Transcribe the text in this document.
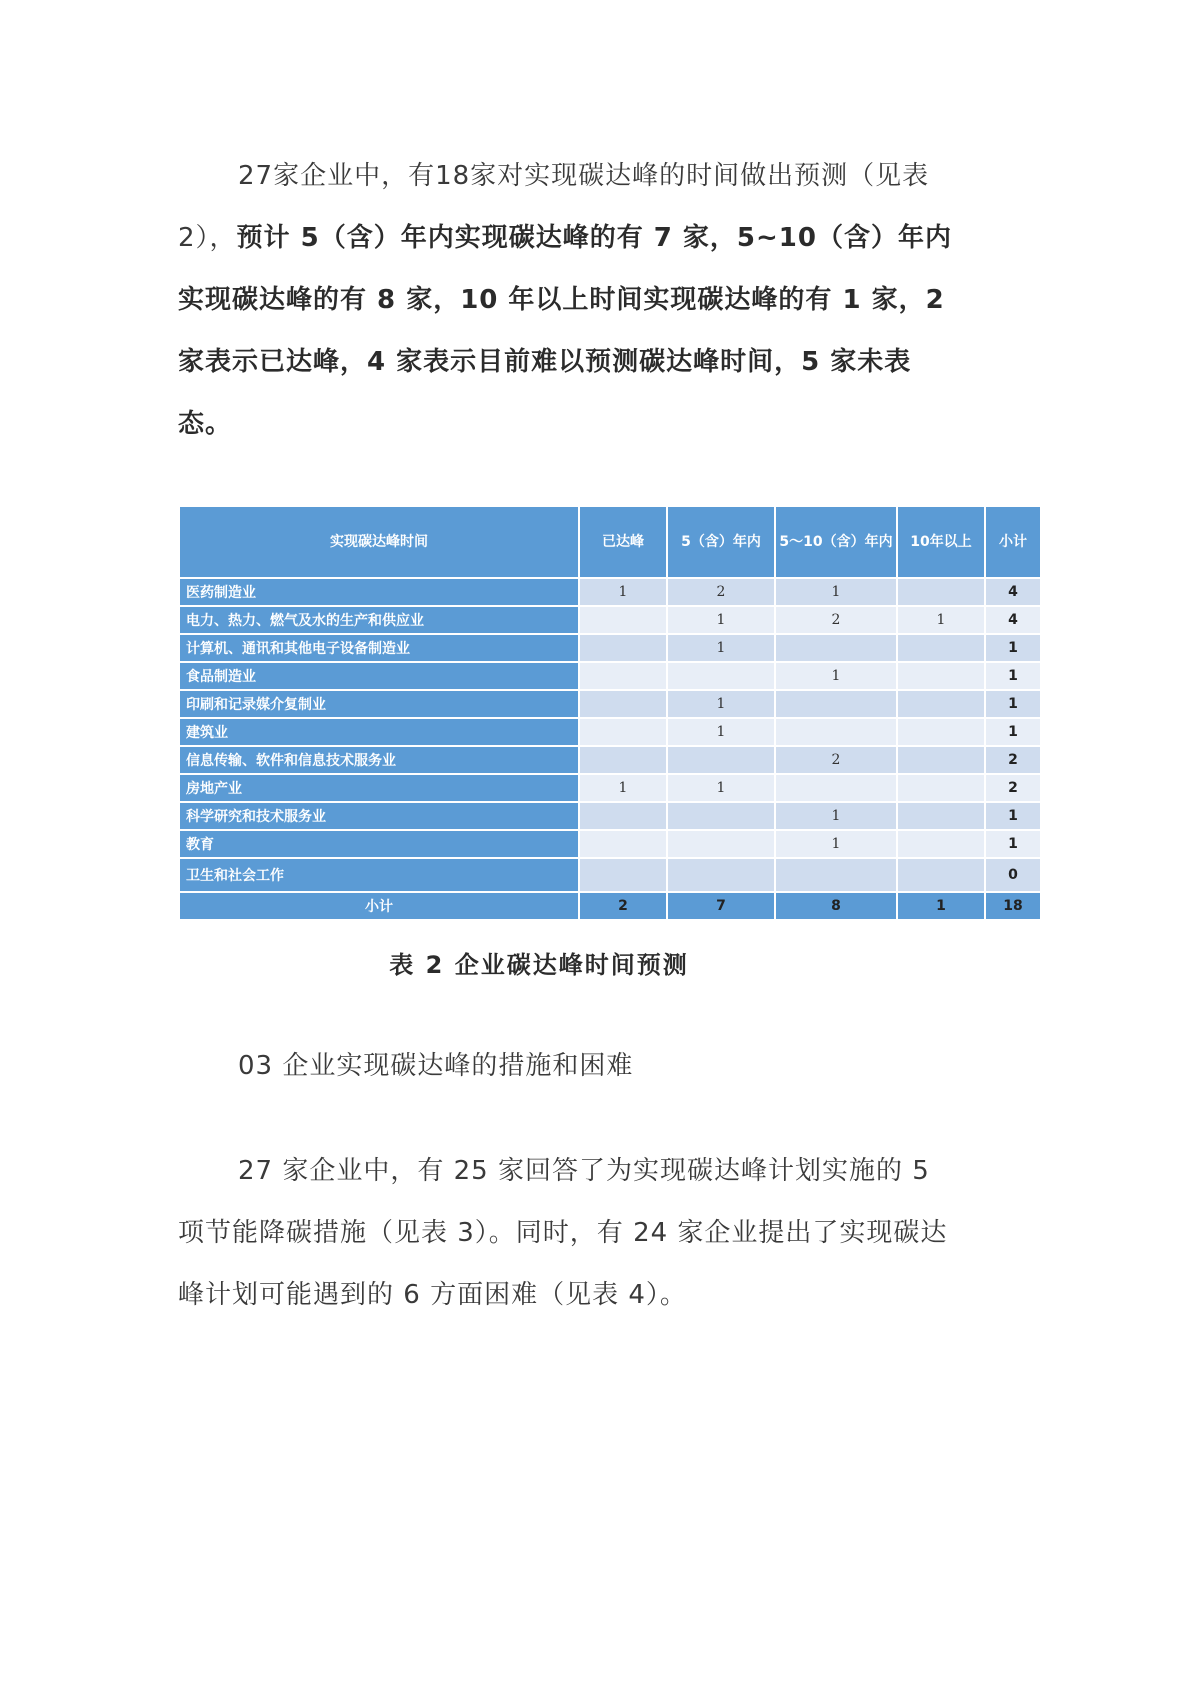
27家企业中，有18家对实现碳达峰的时间做出预测（见表 2），预计 5（含）年内实现碳达峰的有 7 家，5~10（含）年内实现碳达峰的有 8 家，10 年以上时间实现碳达峰的有 1 家，2 家表示已达峰，4 家表示目前难以预测碳达峰时间，5 家未表态。

实现碳达峰时间	已达峰	5（含）年内	5～10（含）年内	10年以上	小计
医药制造业	1	2	1		4
电力、热力、燃气及水的生产和供应业		1	2	1	4
计算机、通讯和其他电子设备制造业		1			1
食品制造业			1		1
印刷和记录媒介复制业		1			1
建筑业		1			1
信息传输、软件和信息技术服务业			2		2
房地产业	1	1			2
科学研究和技术服务业			1		1
教育			1		1
卫生和社会工作					0
小计	2	7	8	1	18
表 2 企业碳达峰时间预测

03 企业实现碳达峰的措施和困难

27 家企业中，有 25 家回答了为实现碳达峰计划实施的 5 项节能降碳措施（见表 3）。同时，有 24 家企业提出了实现碳达峰计划可能遇到的 6 方面困难（见表 4）。
